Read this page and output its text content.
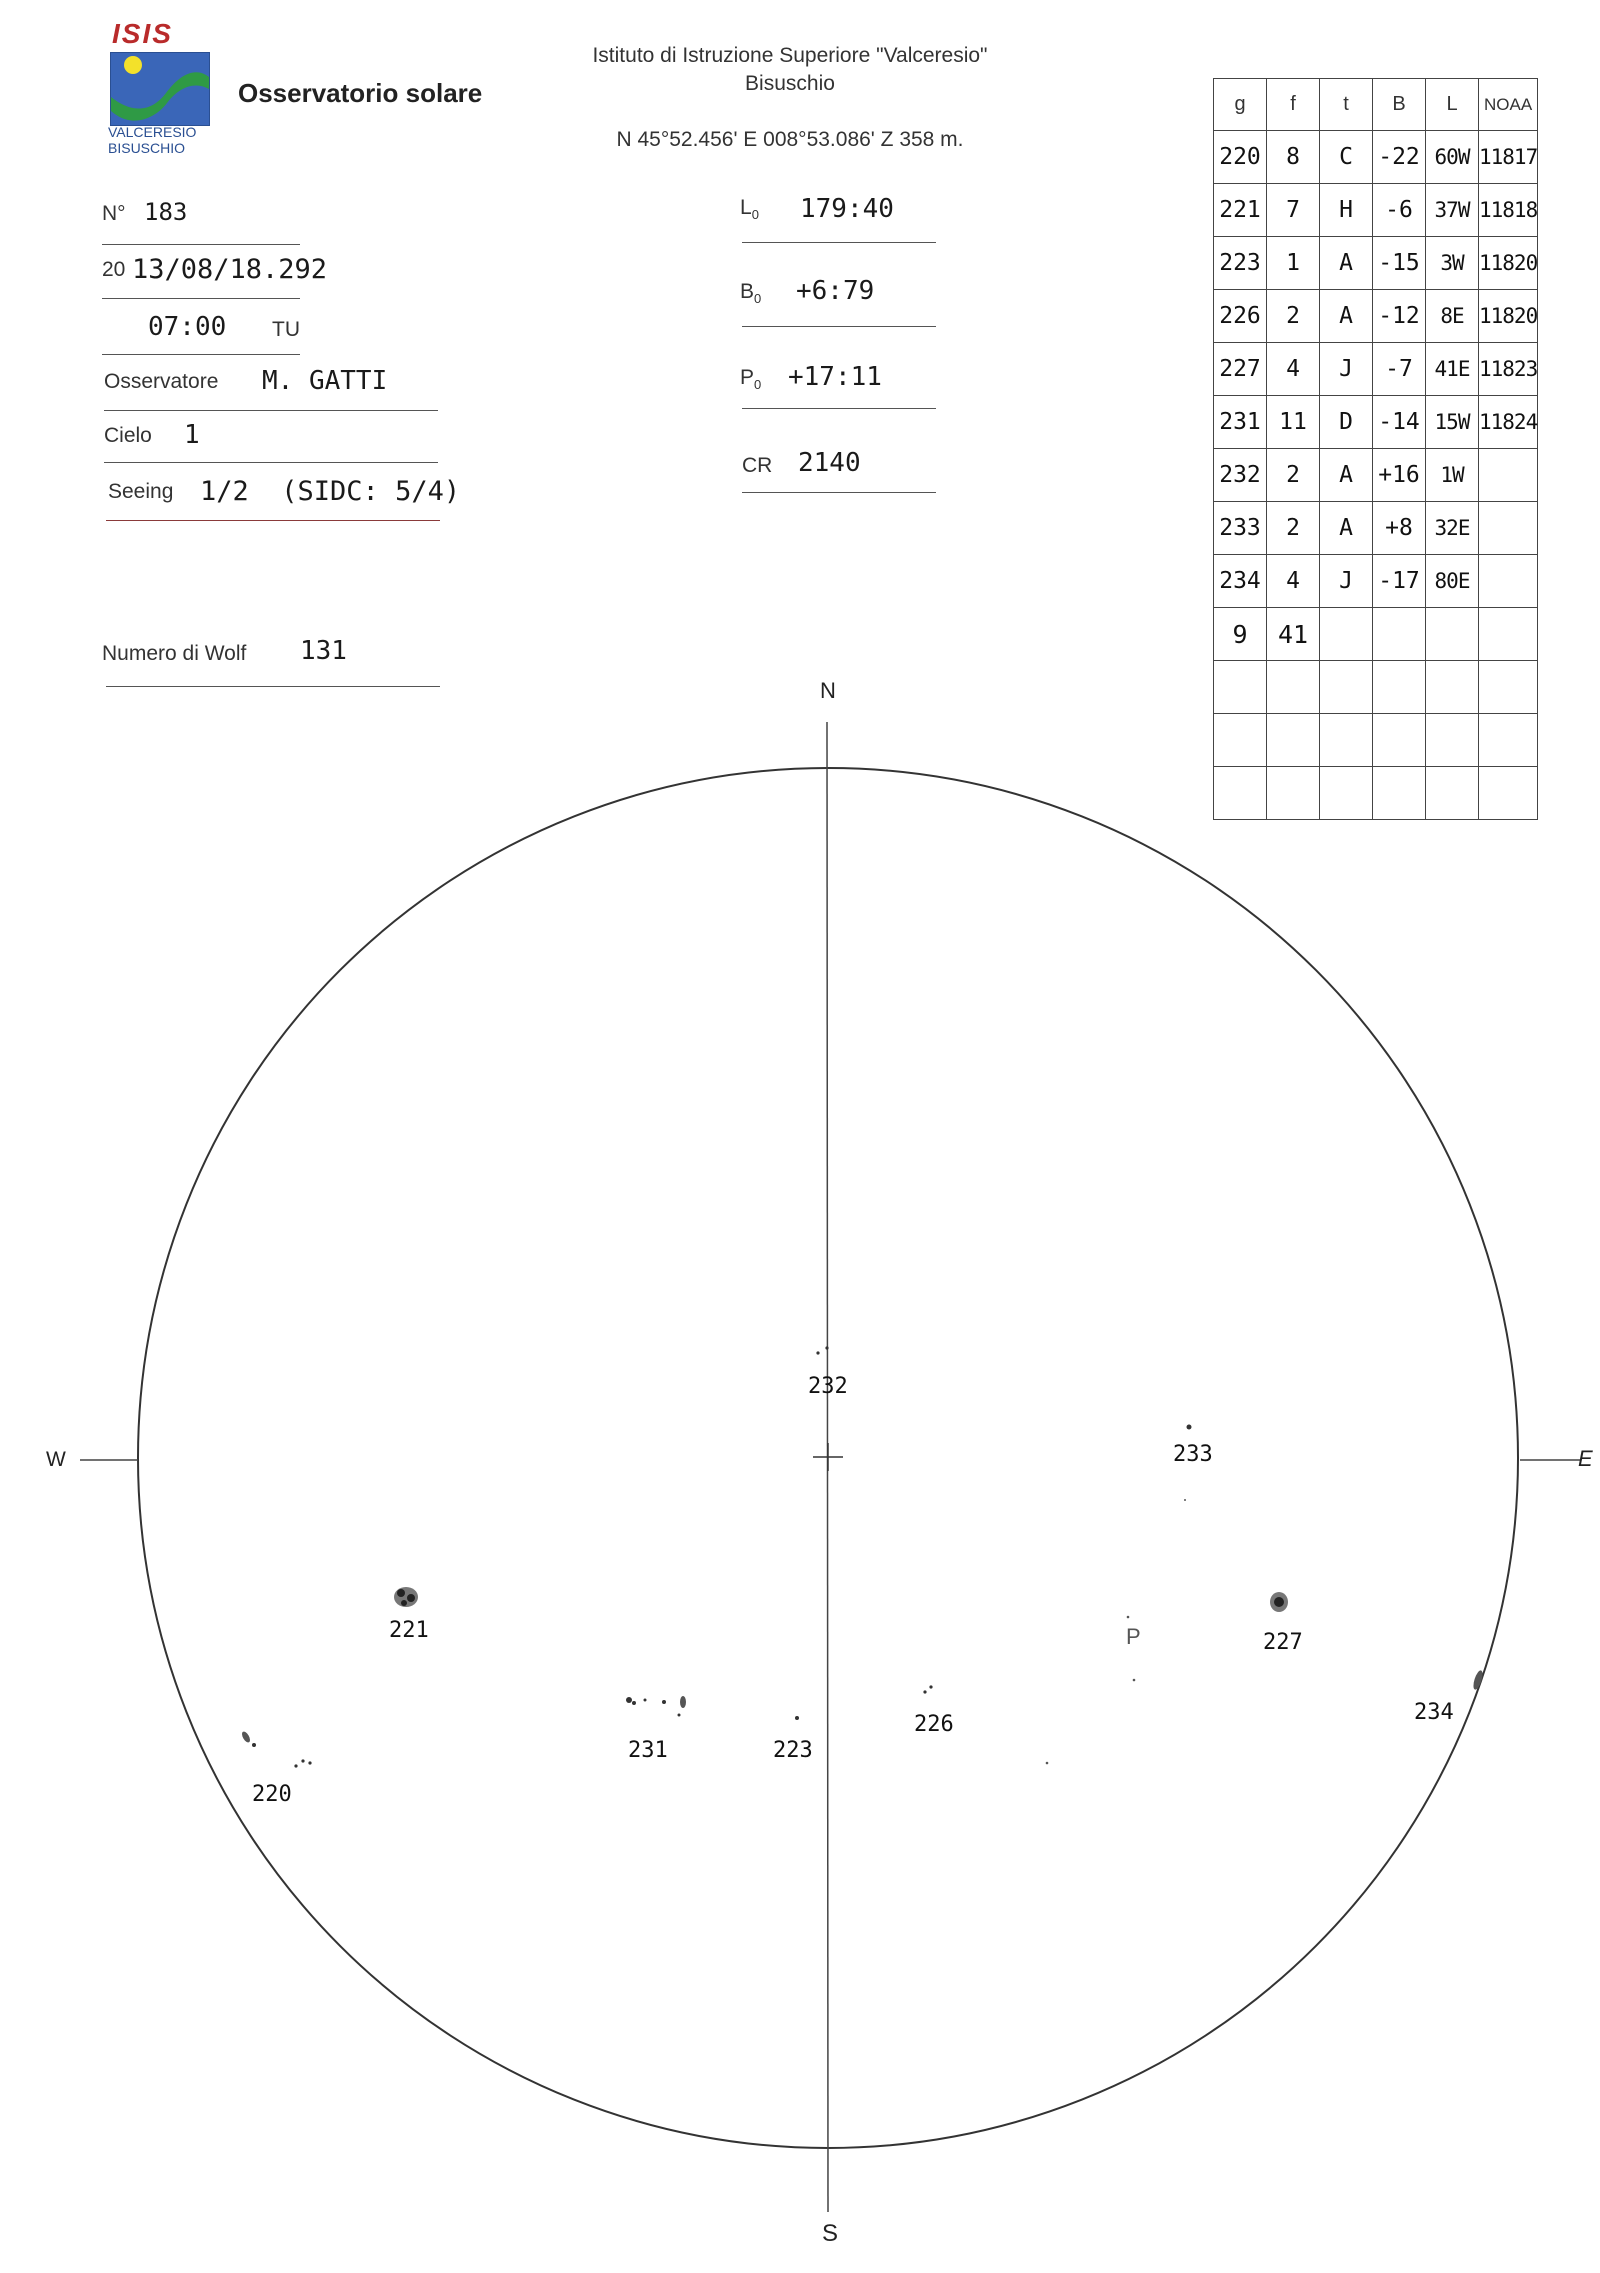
ISIS
VALCERESIO
BISUSCHIO
Osservatorio solare
Istituto di Istruzione Superiore "Valceresio"
Bisuschio
N 45°52.456' E 008°53.086' Z 358 m.
N° 183
20 13/08/18.292
07:00 TU
Osservatore M. GATTI
Cielo 1
Seeing 1/2  (SIDC: 5/4)
Numero di Wolf 131
$L_0$ 179:40
$B_0$ +6:79
$P_0$ +17:11
CR 2140
g	f	t	B	L	NOAA
220	8	C	-22	60W	11817
221	7	H	-6	37W	11818
223	1	A	-15	3W	11820
226	2	A	-12	8E	11820
227	4	J	-7	41E	11823
231	11	D	-14	15W	11824
232	2	A	+16	1W	
233	2	A	+8	32E	
234	4	J	-17	80E	
9	41				

N
S
W	E
P
220
221
231	223
226
227
232
233
234
